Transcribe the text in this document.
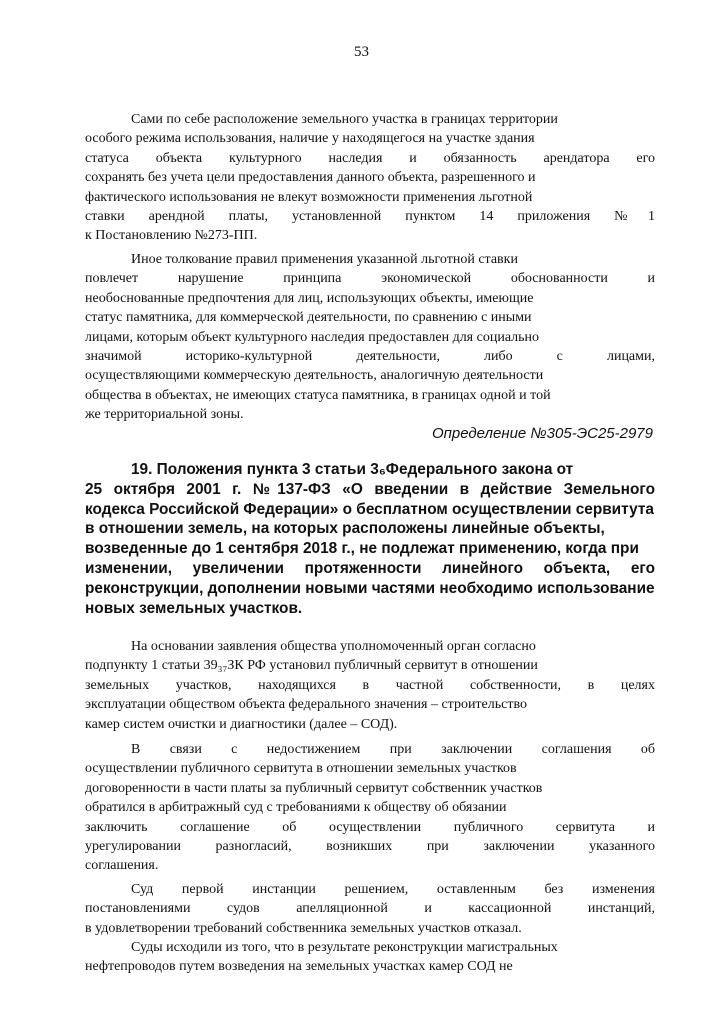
53

Сами по себе расположение земельного участка в границах территории

особого режима использования, наличие у находящегося на участке здания

статуса объекта культурного наследия и обязанность арендатора его

сохранять без учета цели предоставления данного объекта, разрешенного и

фактического использования не влекут возможности применения льготной

ставки арендной платы, установленной пунктом 14 приложения №1

к Постановлению №273-ПП.

Иное толкование правил применения указанной льготной ставки

повлечет нарушение принципа экономической обоснованности и

необоснованные предпочтения для лиц, использующих объекты, имеющие

статус памятника, для коммерческой деятельности, по сравнению с иными

лицами, которым объект культурного наследия предоставлен для социально

значимой историко-культурной деятельности, либо с лицами,

осуществляющими коммерческую деятельность, аналогичную деятельности

общества в объектах, не имеющих статуса памятника, в границах одной и той

же территориальной зоны.

Определение №305-ЭС25-2979

19. Положения пункта 3 статьи 3₆Федерального закона от

25 октября 2001 г. №137-ФЗ «О введении в действие Земельного

кодекса Российской Федерации» о бесплатном осуществлении сервитута

в отношении земель, на которых расположены линейные объекты,

возведенные до 1 сентября 2018 г., не подлежат применению, когда при

изменении, увеличении протяженности линейного объекта, его

реконструкции, дополнении новыми частями необходимо использование

новых земельных участков.

На основании заявления общества уполномоченный орган согласно

подпункту 1 статьи 39₃₇ЗК РФ установил публичный сервитут в отношении

земельных участков, находящихся в частной собственности, в целях

эксплуатации обществом объекта федерального значения – строительство

камер систем очистки и диагностики (далее – СОД).

В связи с недостижением при заключении соглашения об

осуществлении публичного сервитута в отношении земельных участков

договоренности в части платы за публичный сервитут собственник участков

обратился в арбитражный суд с требованиями к обществу об обязании

заключить соглашение об осуществлении публичного сервитута и

урегулировании разногласий, возникших при заключении указанного

соглашения.

Суд первой инстанции решением, оставленным без изменения

постановлениями судов апелляционной и кассационной инстанций,

в удовлетворении требований собственника земельных участков отказал.

Суды исходили из того, что в результате реконструкции магистральных

нефтепроводов путем возведения на земельных участках камер СОД не
